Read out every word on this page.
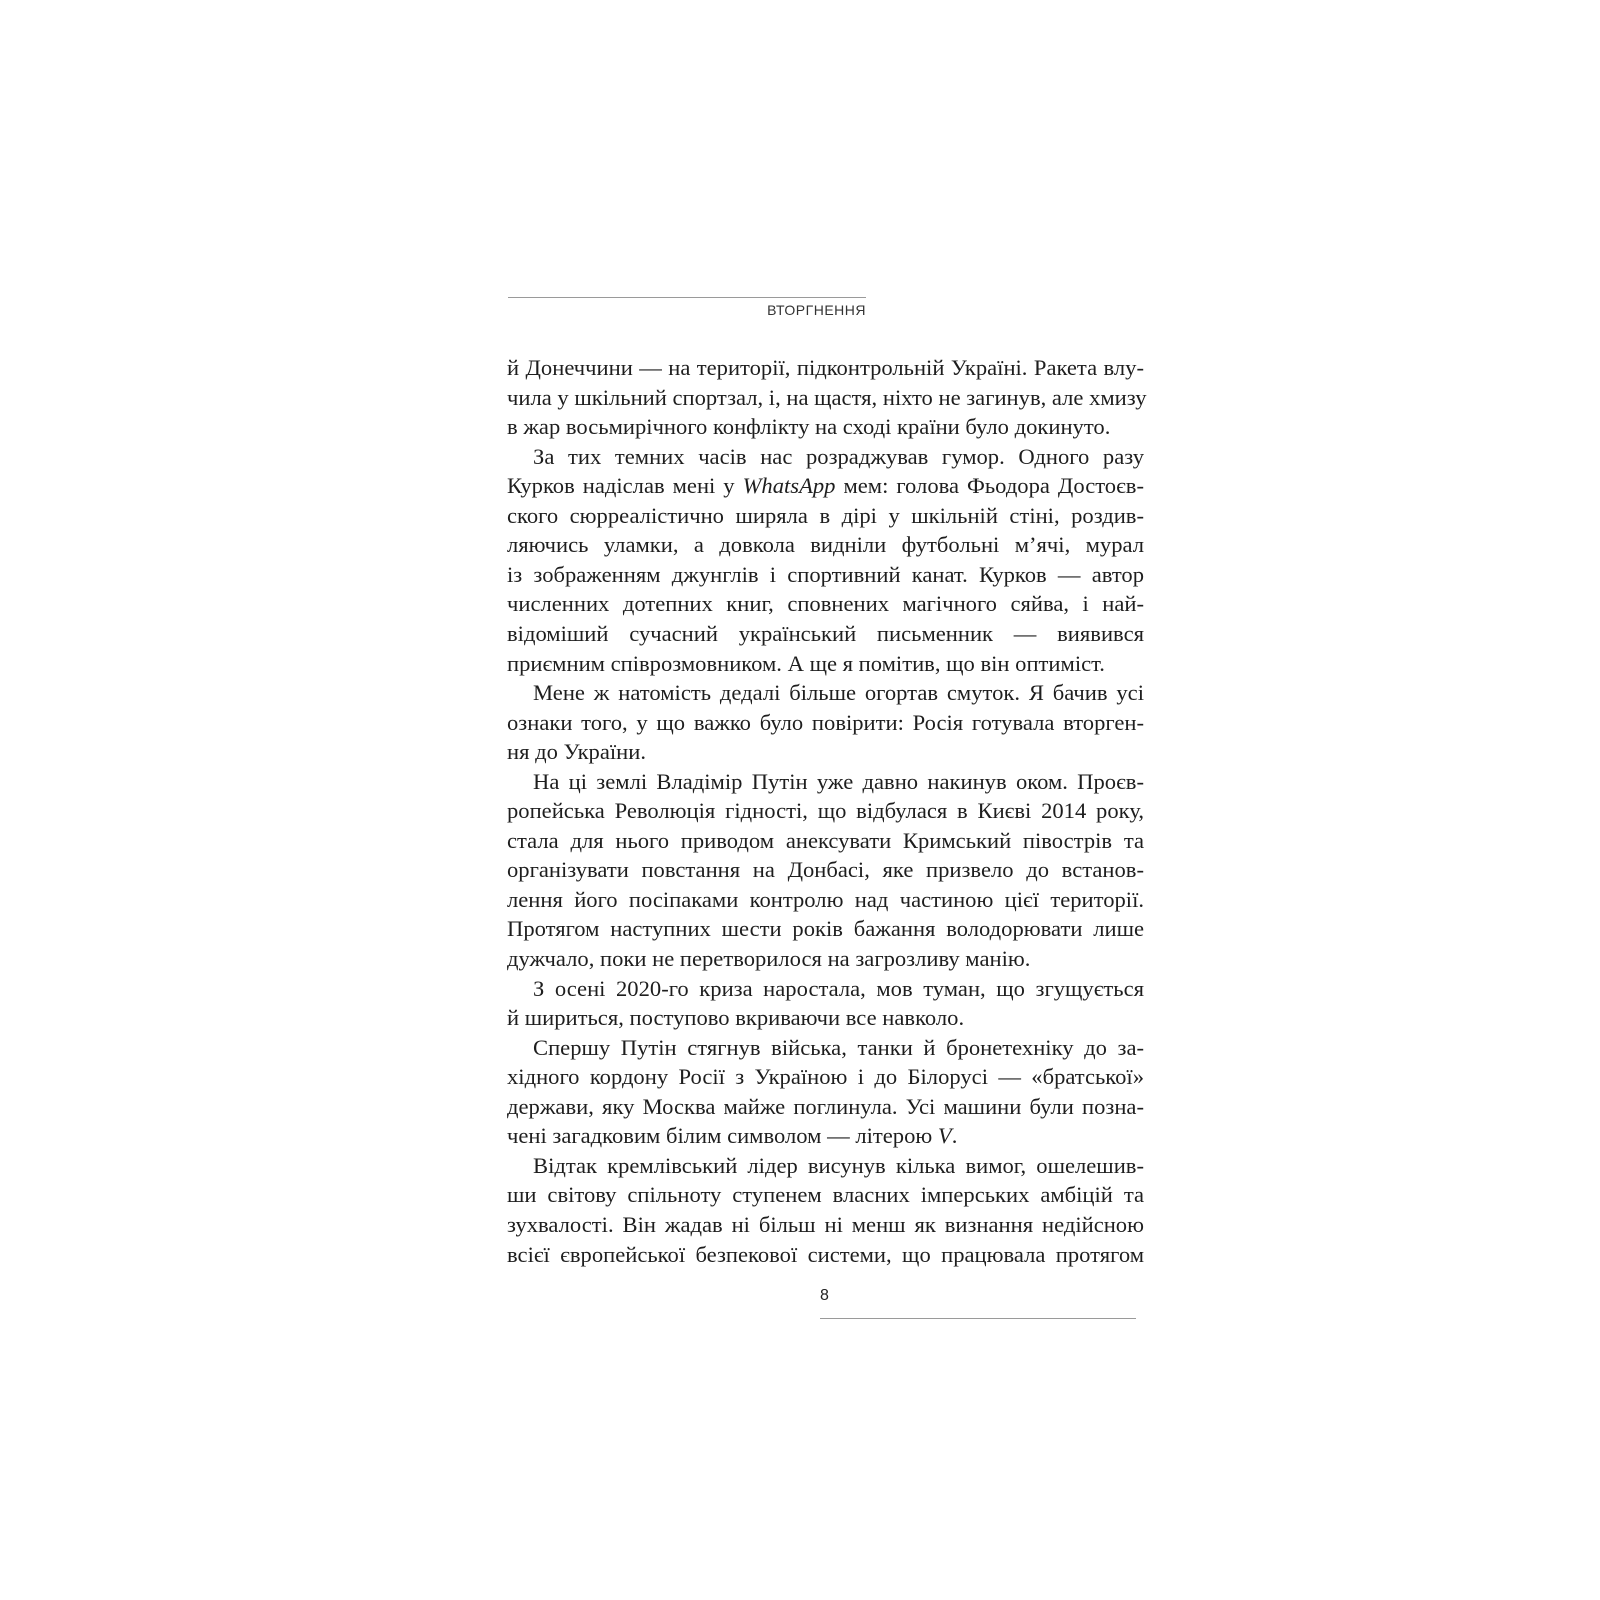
ВТОРГНЕННЯ
й Донеччини — на території, підконтрольній Україні. Ракета влу-
чила у шкільний спортзал, і, на щастя, ніхто не загинув, але хмизу
в жар восьмирічного конфлікту на сході країни було докинуто.
За тих темних часів нас розраджував гумор. Одного разу
Курков надіслав мені у WhatsApp мем: голова Фьодора Достоєв-
ского сюрреалістично ширяла в дірі у шкільній стіні, роздив-
ляючись уламки, а довкола видніли футбольні м’ячі, мурал
із зображенням джунглів і спортивний канат. Курков — автор
численних дотепних книг, сповнених магічного сяйва, і най-
відоміший сучасний український письменник — виявився
приємним співрозмовником. А ще я помітив, що він оптиміст.
Мене ж натомість дедалі більше огортав смуток. Я бачив усі
ознаки того, у що важко було повірити: Росія готувала вторген-
ня до України.
На ці землі Владімір Путін уже давно накинув оком. Проєв-
ропейська Революція гідності, що відбулася в Києві 2014 року,
стала для нього приводом анексувати Кримський півострів та
організувати повстання на Донбасі, яке призвело до встанов-
лення його посіпаками контролю над частиною цієї території.
Протягом наступних шести років бажання володорювати лише
дужчало, поки не перетворилося на загрозливу манію.
З осені 2020-го криза наростала, мов туман, що згущується
й шириться, поступово вкриваючи все навколо.
Спершу Путін стягнув війська, танки й бронетехніку до за-
хідного кордону Росії з Україною і до Білорусі — «братської»
держави, яку Москва майже поглинула. Усі машини були позна-
чені загадковим білим символом — літерою V.
Відтак кремлівський лідер висунув кілька вимог, ошелешив-
ши світову спільноту ступенем власних імперських амбіцій та
зухвалості. Він жадав ні більш ні менш як визнання недійсною
всієї європейської безпекової системи, що працювала протягом
8
